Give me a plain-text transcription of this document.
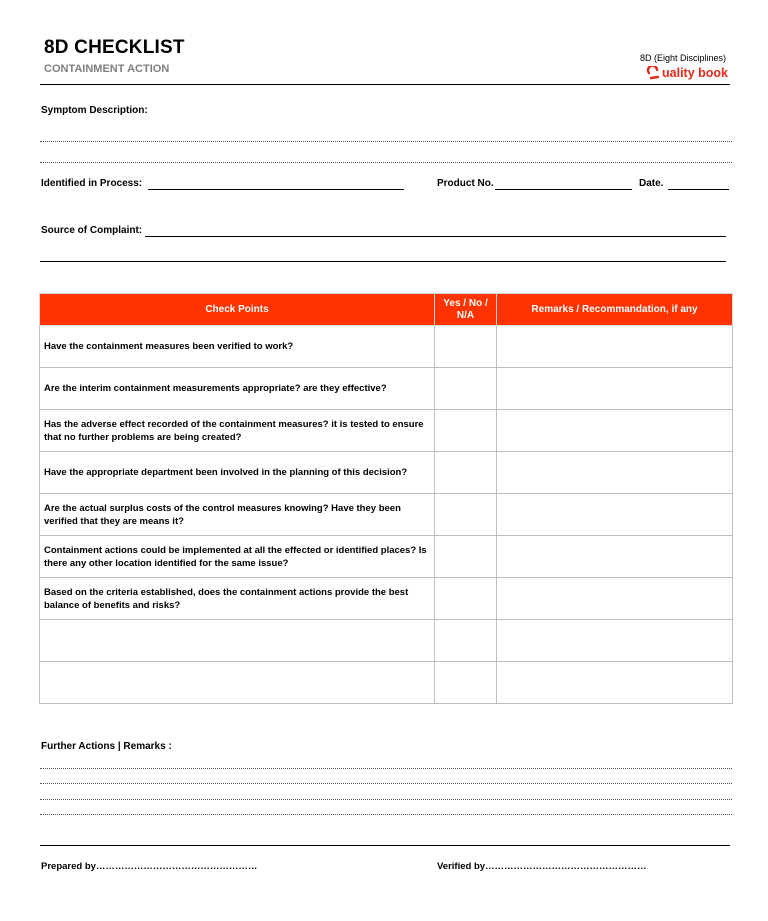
8D CHECKLIST
CONTAINMENT ACTION
8D (Eight Disciplines)
uality book
Symptom Description:
Identified in Process:	Product No.	Date.
Source of Complaint:
Check Points	Yes / No / N/A	Remarks / Recommandation, if any
Have the containment measures been verified to work?		
Are the interim containment measurements appropriate? are they effective?		
Has the adverse effect recorded of the containment measures? it is tested to ensure that no further problems are being created?		
Have the appropriate department been involved in the planning of this decision?		
Are the actual surplus costs of the control measures knowing? Have they been verified that they are means it?		
Containment actions could be implemented at all the effected or identified places? Is there any other location identified for the same issue?		
Based on the criteria established, does the containment actions provide the best balance of benefits and risks?		

Further Actions | Remarks :
Prepared by……………………………………………	Verified by……………………………………………
